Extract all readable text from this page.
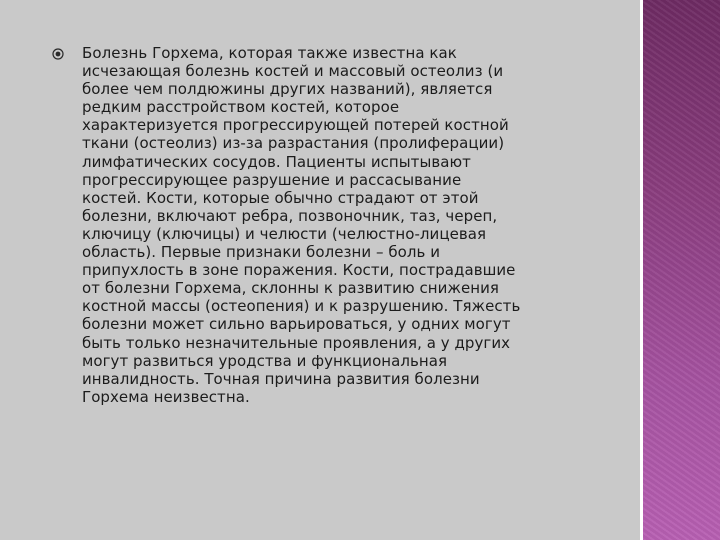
Болезнь Горхема, которая также известна как
исчезающая болезнь костей и массовый остеолиз (и
более чем полдюжины других названий), является
редким расстройством костей, которое
характеризуется прогрессирующей потерей костной
ткани (остеолиз) из-за разрастания (пролиферации)
лимфатических сосудов. Пациенты испытывают
прогрессирующее разрушение и рассасывание
костей. Кости, которые обычно страдают от этой
болезни, включают ребра, позвоночник, таз, череп,
ключицу (ключицы) и челюсти (челюстно-лицевая
область). Первые признаки болезни – боль и
припухлость в зоне поражения. Кости, пострадавшие
от болезни Горхема, склонны к развитию снижения
костной массы (остеопения) и к разрушению. Тяжесть
болезни может сильно варьироваться, у одних могут
быть только незначительные проявления, а у других
могут развиться уродства и функциональная
инвалидность. Точная причина развития болезни
Горхема неизвестна.
